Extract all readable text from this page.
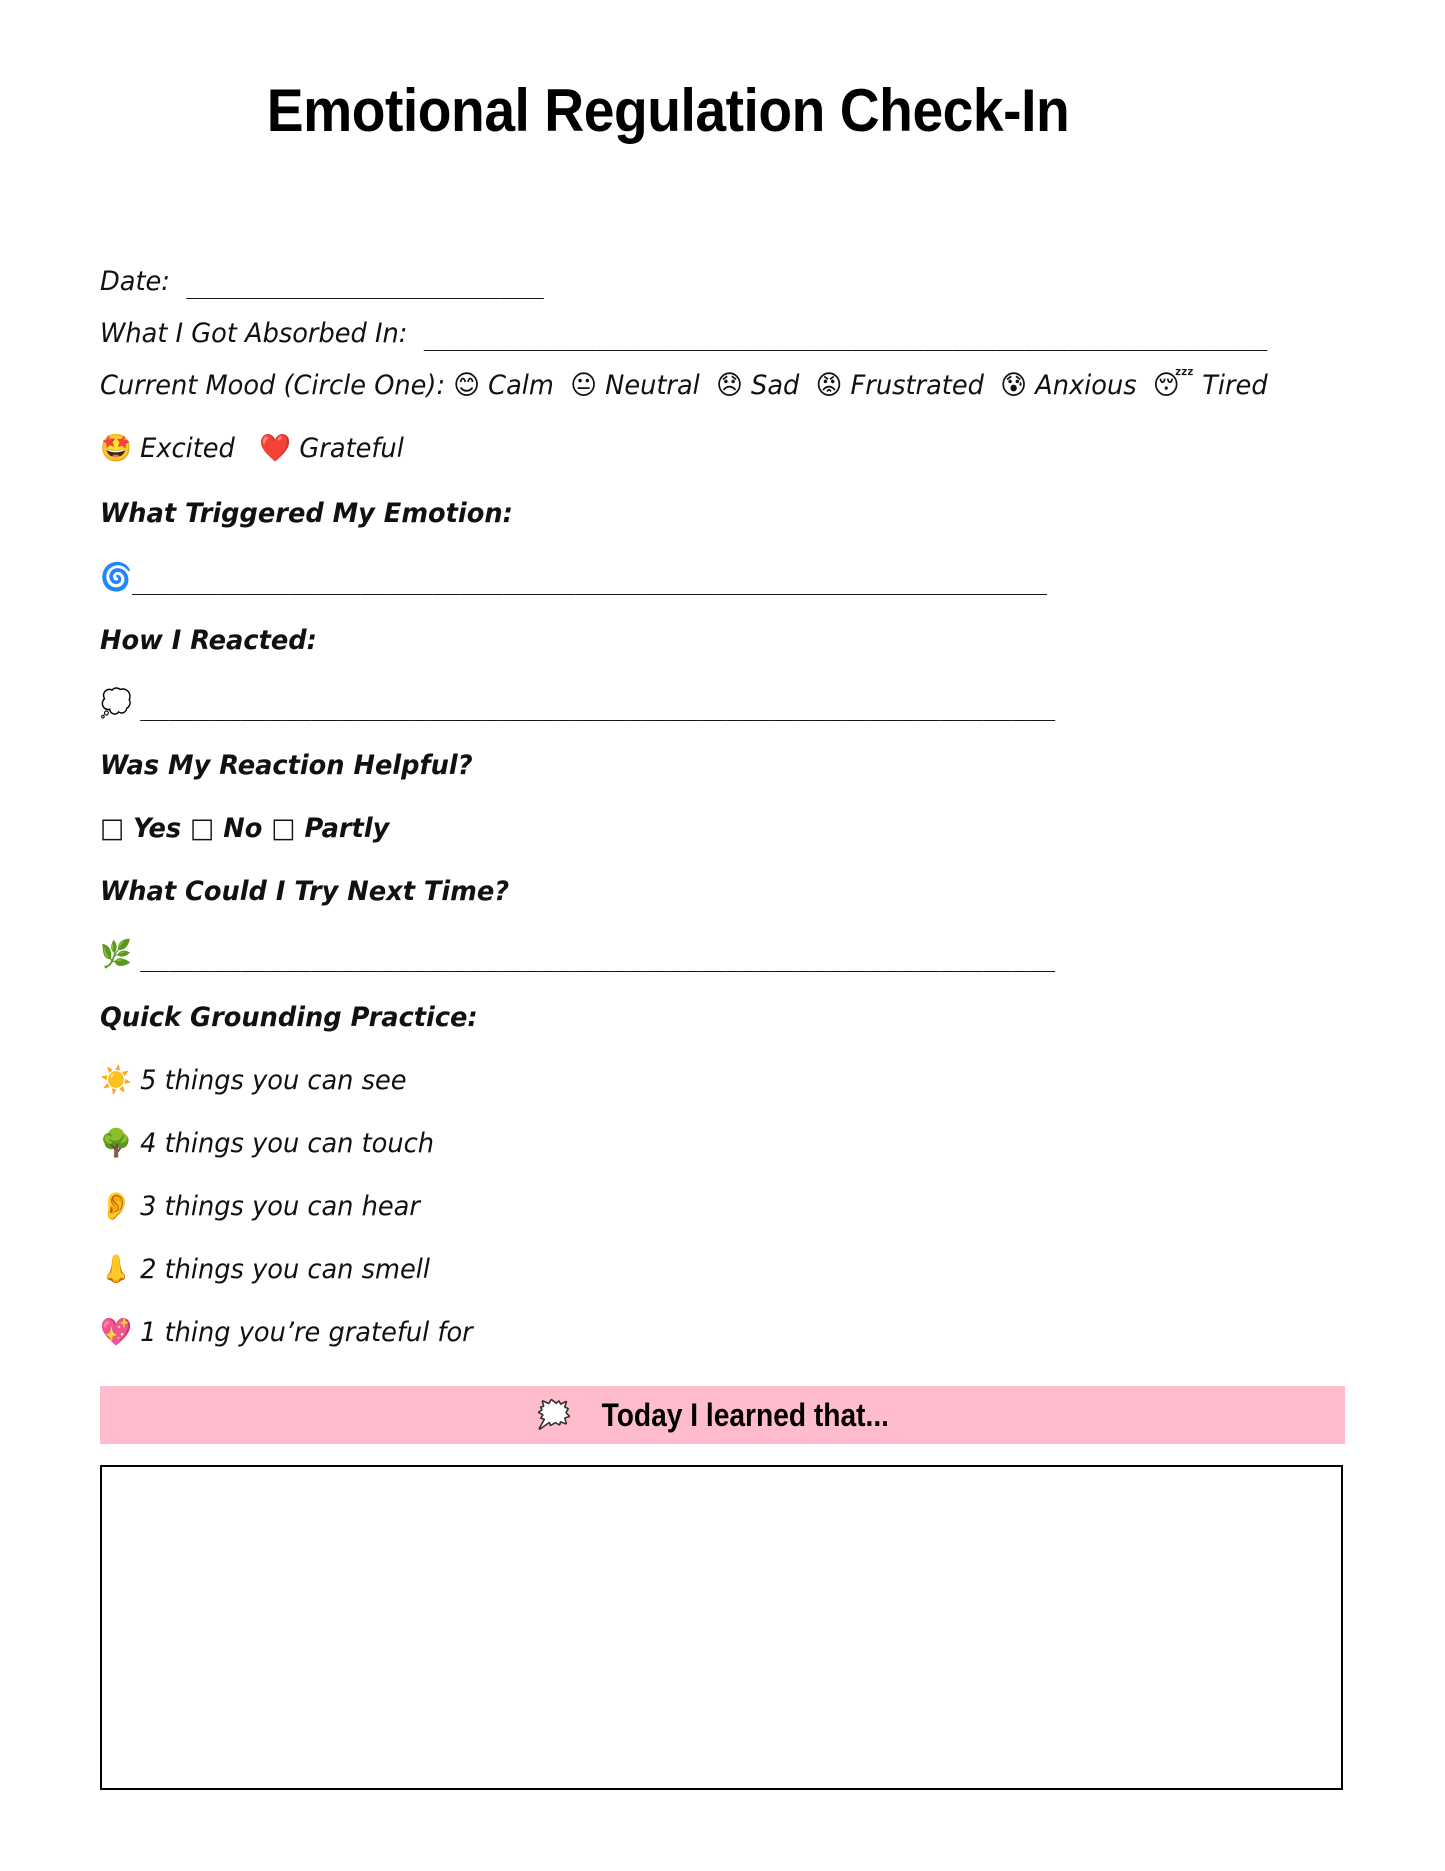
Emotional Regulation Check-In
Date: _________________________
What I Got Absorbed In: ___________________________________________________________
Current Mood (Circle One): 😊 Calm 😐 Neutral 😞 Sad 😡 Frustrated 😰 Anxious 😴 Tired
🤩 Excited ❤️ Grateful
What Triggered My Emotion:
🌀________________________________________________________________
How I Reacted:
💭 ________________________________________________________________
Was My Reaction Helpful?
□ Yes □ No □ Partly
What Could I Try Next Time?
🌿 ________________________________________________________________
Quick Grounding Practice:
☀️ 5 things you can see
🌳 4 things you can touch
👂 3 things you can hear
👃 2 things you can smell
💖 1 thing you’re grateful for
🗯️ Today I learned that...
